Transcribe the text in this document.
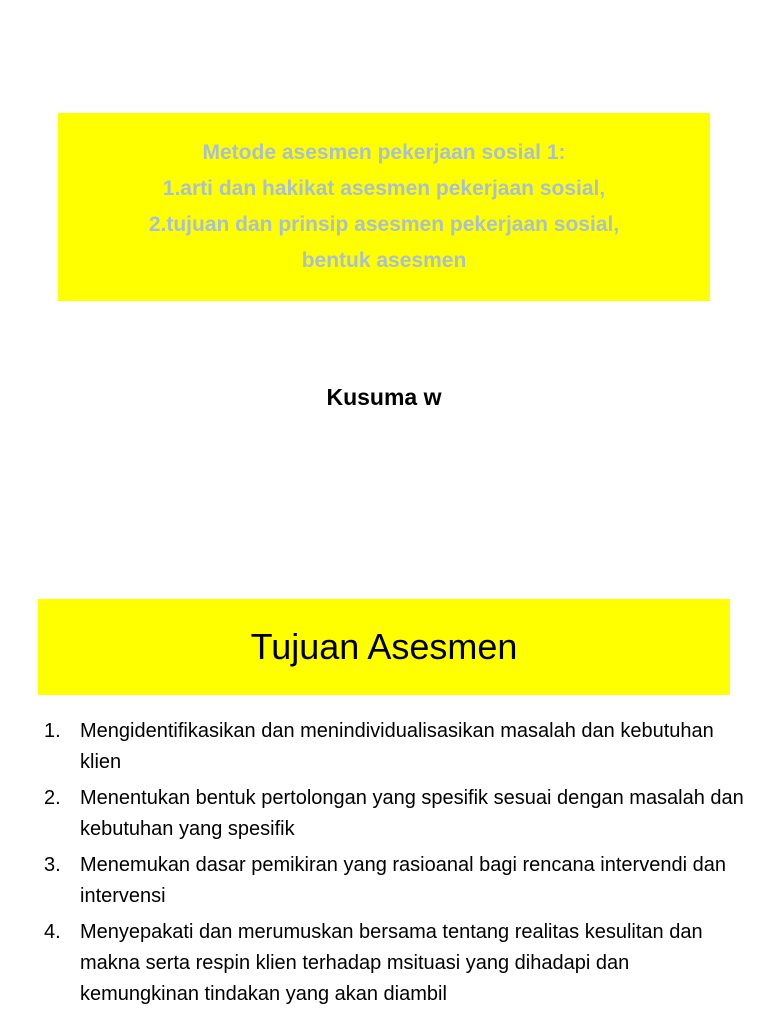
Metode asesmen pekerjaan sosial 1:
1.arti dan hakikat asesmen pekerjaan sosial,
2.tujuan dan prinsip asesmen pekerjaan sosial,
bentuk asesmen
Kusuma w
Tujuan Asesmen
1. Mengidentifikasikan dan menindividualisasikan masalah dan kebutuhan klien
2. Menentukan bentuk pertolongan yang spesifik sesuai dengan masalah dan kebutuhan yang spesifik
3. Menemukan dasar pemikiran yang rasioanal bagi rencana intervendi dan intervensi
4. Menyepakati dan merumuskan bersama tentang realitas kesulitan dan makna serta respin klien terhadap msituasi yang dihadapi dan kemungkinan tindakan yang akan diambil
